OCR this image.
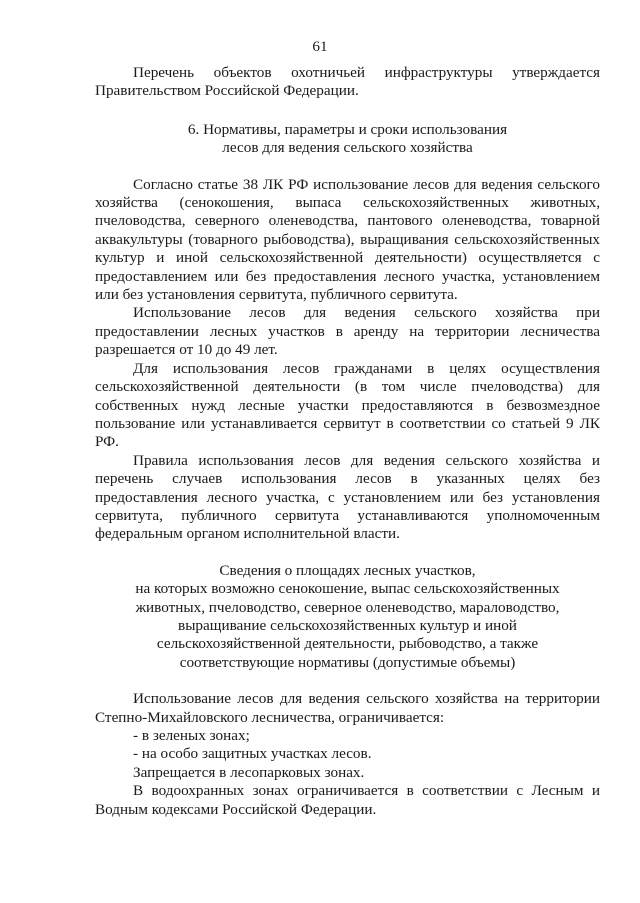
61

Перечень объектов охотничьей инфраструктуры утверждается Правительством Российской Федерации.

6. Нормативы, параметры и сроки использования

лесов для ведения сельского хозяйства

Согласно статье 38 ЛК РФ использование лесов для ведения сельского хозяйства (сенокошения, выпаса сельскохозяйственных животных, пчеловодства, северного оленеводства, пантового оленеводства, товарной аквакультуры (товарного рыбоводства), выращивания сельскохозяйственных культур и иной сельскохозяйственной деятельности) осуществляется с предоставлением или без предоставления лесного участка, установлением или без установления сервитута, публичного сервитута.

Использование лесов для ведения сельского хозяйства при предоставлении лесных участков в аренду на территории лесничества разрешается от 10 до 49 лет.

Для использования лесов гражданами в целях осуществления сельскохозяйственной деятельности (в том числе пчеловодства) для собственных нужд лесные участки предоставляются в безвозмездное пользование или устанавливается сервитут в соответствии со статьей 9 ЛК РФ.

Правила использования лесов для ведения сельского хозяйства и перечень случаев использования лесов в указанных целях без предоставления лесного участка, с установлением или без установления сервитута, публичного сервитута устанавливаются уполномоченным федеральным органом исполнительной власти.

Сведения о площадях лесных участков,

на которых возможно сенокошение, выпас сельскохозяйственных

животных, пчеловодство, северное оленеводство, мараловодство,

выращивание сельскохозяйственных культур и иной

сельскохозяйственной деятельности, рыбоводство, а также

соответствующие нормативы (допустимые объемы)

Использование лесов для ведения сельского хозяйства на территории Степно-Михайловского лесничества, ограничивается:

- в зеленых зонах;

- на особо защитных участках лесов.

Запрещается в лесопарковых зонах.

В водоохранных зонах ограничивается в соответствии с Лесным и Водным кодексами Российской Федерации.
